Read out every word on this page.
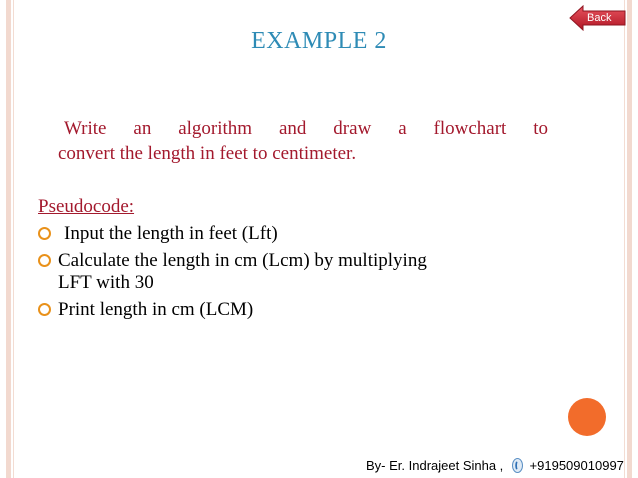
Back
EXAMPLE 2
Write an algorithm and draw a flowchart to
convert the length in feet to centimeter.
Pseudocode:
Input the length in feet (Lft)
Calculate the length in cm (Lcm) by multiplying
LFT with 30
Print length in cm (LCM)
By- Er. Indrajeet Sinha , +919509010997
